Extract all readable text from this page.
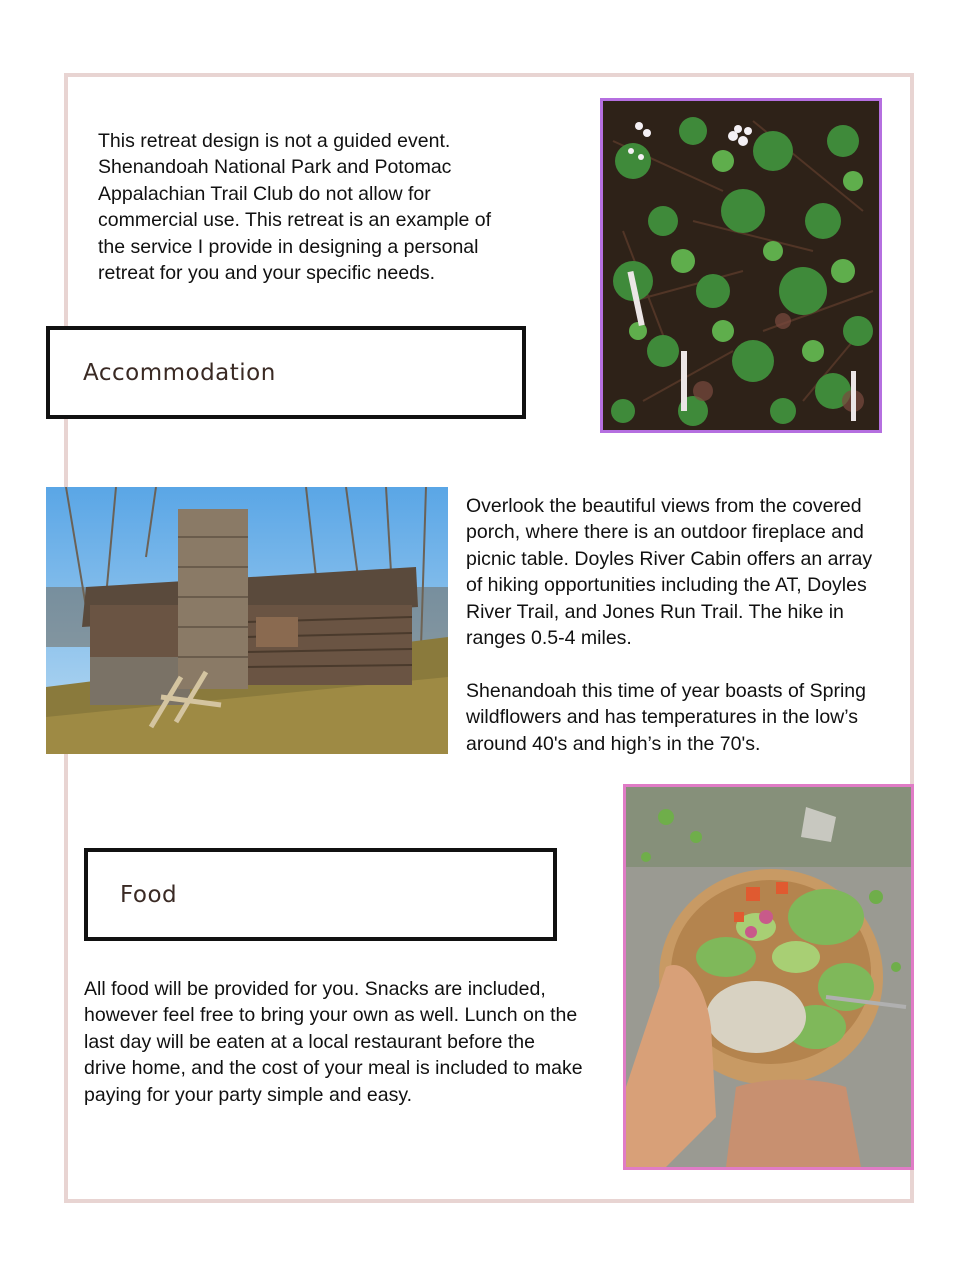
This retreat design is not a guided event.
Shenandoah National Park and Potomac
Appalachian Trail Club do not allow for
commercial use. This retreat is an example of
the service I provide in designing a personal
retreat for you and your specific needs.

Accommodation

Overlook the beautiful views from the covered
porch, where there is an outdoor fireplace and
picnic table. Doyles River Cabin offers an array
of hiking opportunities including the AT, Doyles
River Trail, and Jones Run Trail. The hike in
ranges 0.5-4 miles.

Shenandoah this time of year boasts of Spring
wildflowers and has temperatures in the low’s
around 40's and high’s in the 70's.

Food

All food will be provided for you. Snacks are included,
however feel free to bring your own as well. Lunch on the
last day will be eaten at a local restaurant before the
drive home, and the cost of your meal is included to make
paying for your party simple and easy.
